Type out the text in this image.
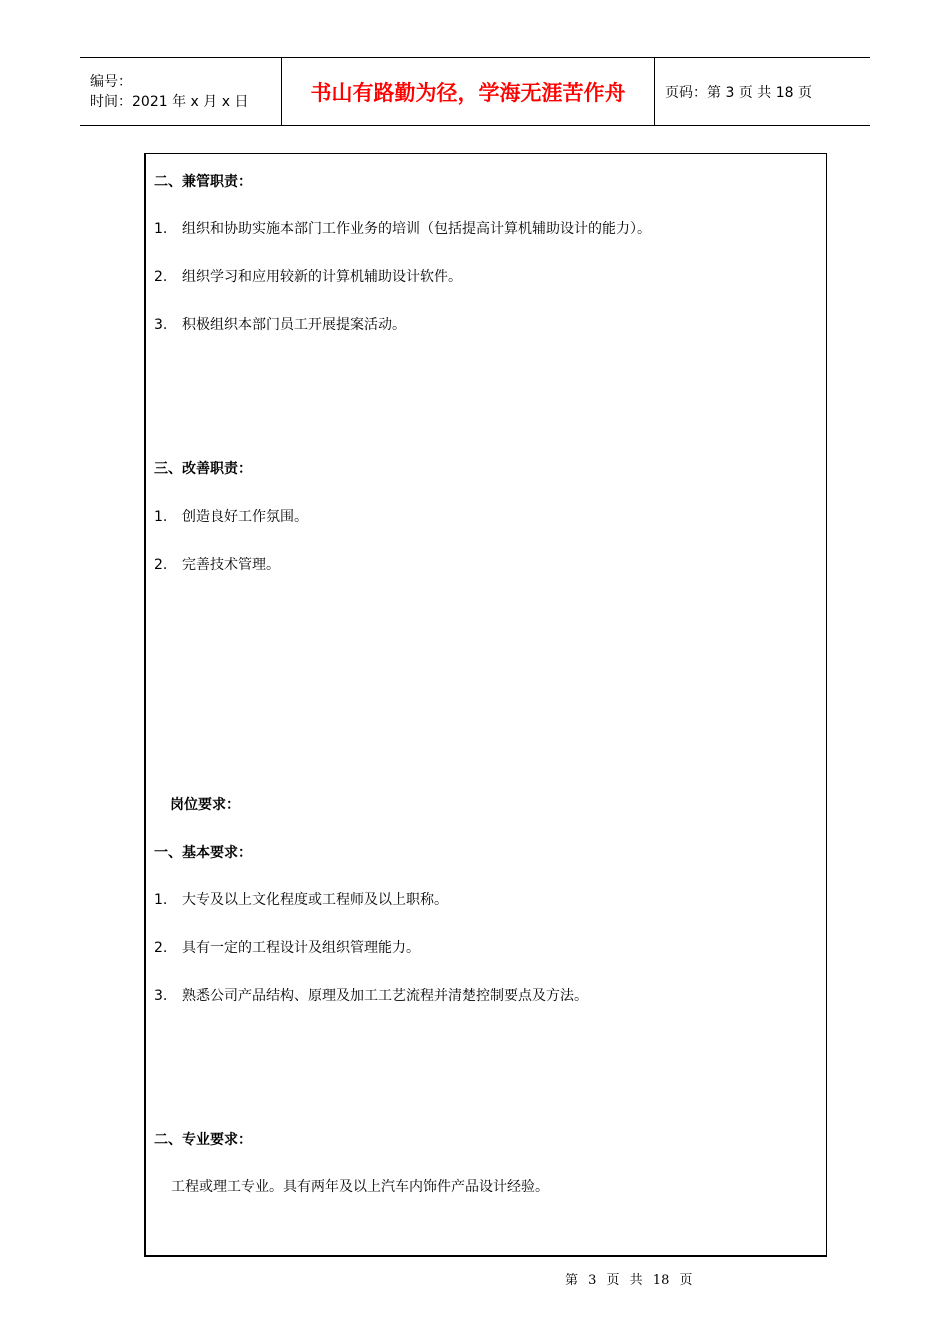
编号：
时间：2021 年 x 月 x 日	书山有路勤为径，学海无涯苦作舟	页码：第 3 页 共 18 页
二、兼管职责：
1. 组织和协助实施本部门工作业务的培训（包括提高计算机辅助设计的能力）。
2. 组织学习和应用较新的计算机辅助设计软件。
3. 积极组织本部门员工开展提案活动。
三、改善职责：
1. 创造良好工作氛围。
2. 完善技术管理。
岗位要求：
一、基本要求：
1. 大专及以上文化程度或工程师及以上职称。
2. 具有一定的工程设计及组织管理能力。
3. 熟悉公司产品结构、原理及加工工艺流程并清楚控制要点及方法。
二、专业要求：
工程或理工专业。具有两年及以上汽车内饰件产品设计经验。
第 3 页 共 18 页
